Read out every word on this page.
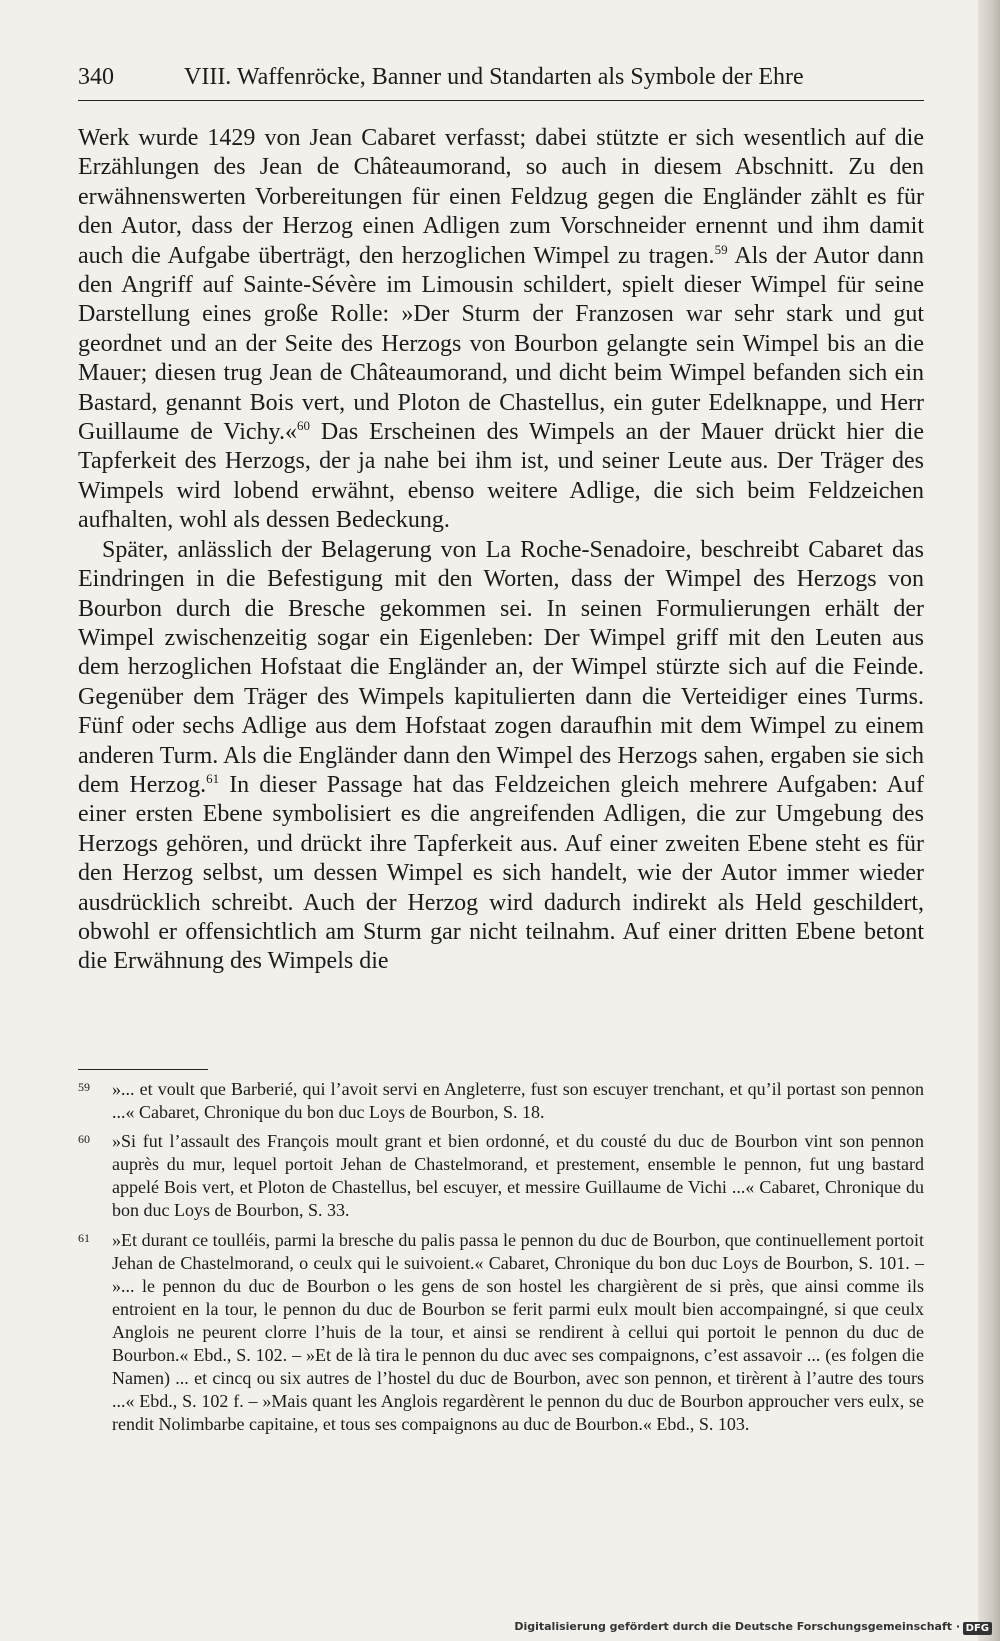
340	VIII. Waffenröcke, Banner und Standarten als Symbole der Ehre

Werk wurde 1429 von Jean Cabaret verfasst; dabei stützte er sich wesentlich auf die Erzählungen des Jean de Châteaumorand, so auch in diesem Abschnitt. Zu den erwähnenswerten Vorbereitungen für einen Feldzug gegen die Engländer zählt es für den Autor, dass der Herzog einen Adligen zum Vorschneider ernennt und ihm damit auch die Aufgabe überträgt, den herzoglichen Wimpel zu tragen.$^{59}$ Als der Autor dann den Angriff auf Sainte-Sévère im Limousin schildert, spielt dieser Wimpel für seine Darstellung eines große Rolle: »Der Sturm der Franzosen war sehr stark und gut geordnet und an der Seite des Herzogs von Bourbon gelangte sein Wimpel bis an die Mauer; diesen trug Jean de Châteaumorand, und dicht beim Wimpel befanden sich ein Bastard, genannt Bois vert, und Ploton de Chastellus, ein guter Edelknappe, und Herr Guillaume de Vichy.«$^{60}$ Das Erscheinen des Wimpels an der Mauer drückt hier die Tapferkeit des Herzogs, der ja nahe bei ihm ist, und seiner Leute aus. Der Träger des Wimpels wird lobend erwähnt, ebenso weitere Adlige, die sich beim Feldzeichen aufhalten, wohl als dessen Bedeckung.

Später, anlässlich der Belagerung von La Roche-Senadoire, beschreibt Cabaret das Eindringen in die Befestigung mit den Worten, dass der Wimpel des Herzogs von Bourbon durch die Bresche gekommen sei. In seinen Formulierungen erhält der Wimpel zwischenzeitig sogar ein Eigenleben: Der Wimpel griff mit den Leuten aus dem herzoglichen Hofstaat die Engländer an, der Wimpel stürzte sich auf die Feinde. Gegenüber dem Träger des Wimpels kapitulierten dann die Verteidiger eines Turms. Fünf oder sechs Adlige aus dem Hofstaat zogen daraufhin mit dem Wimpel zu einem anderen Turm. Als die Engländer dann den Wimpel des Herzogs sahen, ergaben sie sich dem Herzog.$^{61}$ In dieser Passage hat das Feldzeichen gleich mehrere Aufgaben: Auf einer ersten Ebene symbolisiert es die angreifenden Adligen, die zur Umgebung des Herzogs gehören, und drückt ihre Tapferkeit aus. Auf einer zweiten Ebene steht es für den Herzog selbst, um dessen Wimpel es sich handelt, wie der Autor immer wieder ausdrücklich schreibt. Auch der Herzog wird dadurch indirekt als Held geschildert, obwohl er offensichtlich am Sturm gar nicht teilnahm. Auf einer dritten Ebene betont die Erwähnung des Wimpels die

59 »... et voult que Barberié, qui l’avoit servi en Angleterre, fust son escuyer trenchant, et qu’il portast son pennon ...« Cabaret, Chronique du bon duc Loys de Bourbon, S. 18.
60 »Si fut l’assault des François moult grant et bien ordonné, et du cousté du duc de Bourbon vint son pennon auprès du mur, lequel portoit Jehan de Chastelmorand, et prestement, ensemble le pennon, fut ung bastard appelé Bois vert, et Ploton de Chastellus, bel escuyer, et messire Guillaume de Vichi ...« Cabaret, Chronique du bon duc Loys de Bourbon, S. 33.
61 »Et durant ce toulléis, parmi la bresche du palis passa le pennon du duc de Bourbon, que continuellement portoit Jehan de Chastelmorand, o ceulx qui le suivoient.« Cabaret, Chronique du bon duc Loys de Bourbon, S. 101. – »... le pennon du duc de Bourbon o les gens de son hostel les chargièrent de si près, que ainsi comme ils entroient en la tour, le pennon du duc de Bourbon se ferit parmi eulx moult bien accompaingné, si que ceulx Anglois ne peurent clorre l’huis de la tour, et ainsi se rendirent à cellui qui portoit le pennon du duc de Bourbon.« Ebd., S. 102. – »Et de là tira le pennon du duc avec ses compaignons, c’est assavoir ... (es folgen die Namen) ... et cincq ou six autres de l’hostel du duc de Bourbon, avec son pennon, et tirèrent à l’autre des tours ...« Ebd., S. 102 f. – »Mais quant les Anglois regardèrent le pennon du duc de Bourbon approucher vers eulx, se rendit Nolimbarbe capitaine, et tous ses compaignons au duc de Bourbon.« Ebd., S. 103.
Digitalisierung gefördert durch die Deutsche Forschungsgemeinschaft · DFG
